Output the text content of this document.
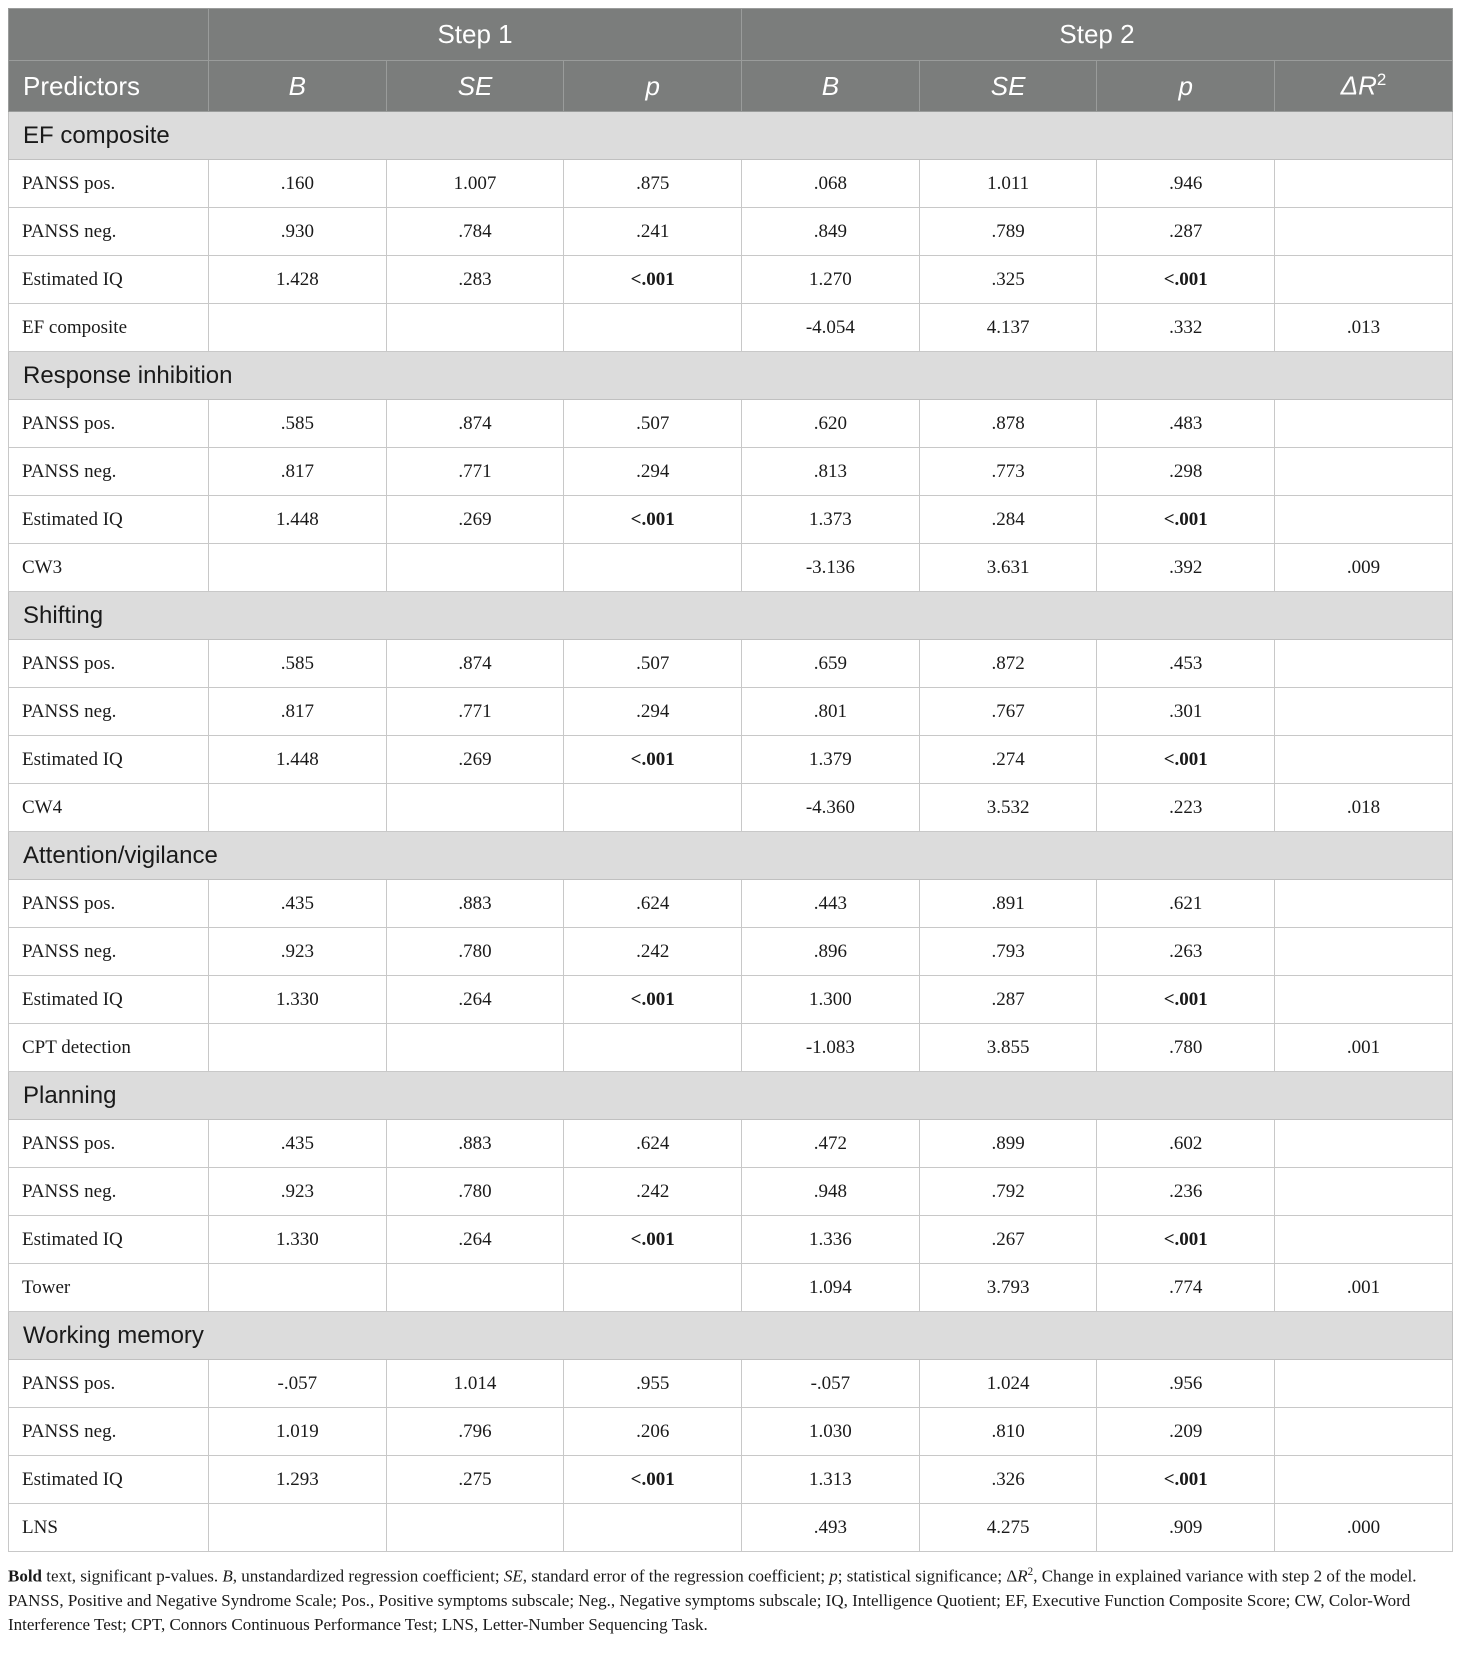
	Step 1			Step 2			
Predictors	B	SE	p	B	SE	p	$\Delta R^2$
EF composite							
PANSS pos.	.160	1.007	.875	.068	1.011	.946	
PANSS neg.	.930	.784	.241	.849	.789	.287	
Estimated IQ	1.428	.283	<.001	1.270	.325	<.001	
EF composite				-4.054	4.137	.332	.013
Response inhibition							
PANSS pos.	.585	.874	.507	.620	.878	.483	
PANSS neg.	.817	.771	.294	.813	.773	.298	
Estimated IQ	1.448	.269	<.001	1.373	.284	<.001	
CW3				-3.136	3.631	.392	.009
Shifting							
PANSS pos.	.585	.874	.507	.659	.872	.453	
PANSS neg.	.817	.771	.294	.801	.767	.301	
Estimated IQ	1.448	.269	<.001	1.379	.274	<.001	
CW4				-4.360	3.532	.223	.018
Attention/vigilance							
PANSS pos.	.435	.883	.624	.443	.891	.621	
PANSS neg.	.923	.780	.242	.896	.793	.263	
Estimated IQ	1.330	.264	<.001	1.300	.287	<.001	
CPT detection				-1.083	3.855	.780	.001
Planning							
PANSS pos.	.435	.883	.624	.472	.899	.602	
PANSS neg.	.923	.780	.242	.948	.792	.236	
Estimated IQ	1.330	.264	<.001	1.336	.267	<.001	
Tower				1.094	3.793	.774	.001
Working memory							
PANSS pos.	-.057	1.014	.955	-.057	1.024	.956	
PANSS neg.	1.019	.796	.206	1.030	.810	.209	
Estimated IQ	1.293	.275	<.001	1.313	.326	<.001	
LNS				.493	4.275	.909	.000
Bold text, significant p-values. B, unstandardized regression coefficient; SE, standard error of the regression coefficient; p; statistical significance; $\Delta R^2$, Change in explained variance with step 2 of the model. PANSS, Positive and Negative Syndrome Scale; Pos., Positive symptoms subscale; Neg., Negative symptoms subscale; IQ, Intelligence Quotient; EF, Executive Function Composite Score; CW, Color-Word Interference Test; CPT, Connors Continuous Performance Test; LNS, Letter-Number Sequencing Task.
